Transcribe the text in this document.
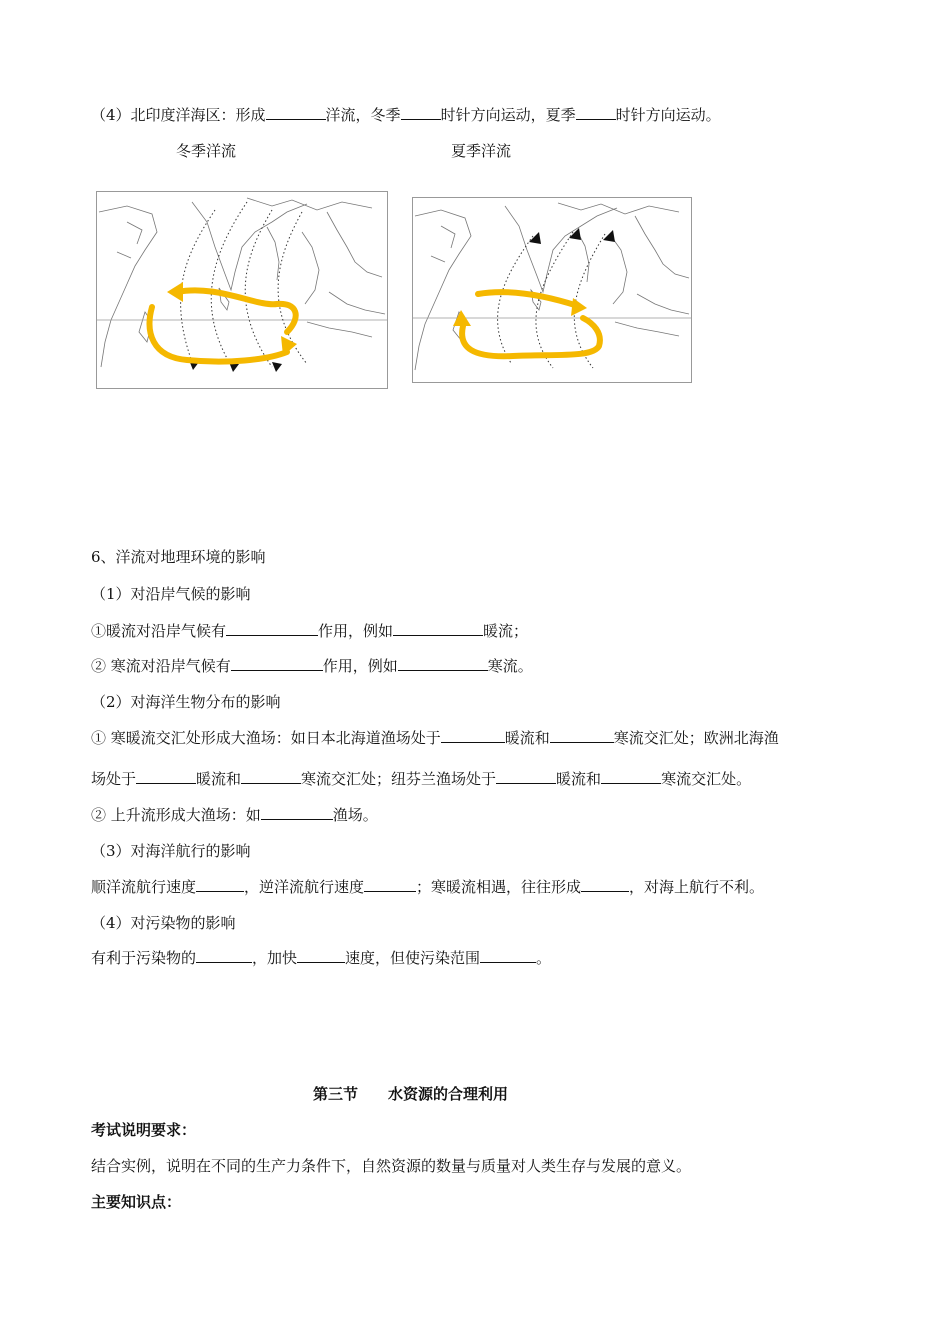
（4）北印度洋海区：形成	洋流，冬季	时针方向运动，夏季	时针方向运动。
冬季洋流	夏季洋流
6、洋流对地理环境的影响
（1）对沿岸气候的影响
①暖流对沿岸气候有	作用，例如	暖流；
② 寒流对沿岸气候有	作用，例如	寒流。
（2）对海洋生物分布的影响
① 寒暖流交汇处形成大渔场：如日本北海道渔场处于	暖流和	寒流交汇处；欧洲北海渔
场处于	暖流和	寒流交汇处；纽芬兰渔场处于	暖流和	寒流交汇处。
② 上升流形成大渔场：如	渔场。
（3）对海洋航行的影响
顺洋流航行速度	，逆洋流航行速度	；寒暖流相遇，往往形成	，对海上航行不利。
（4）对污染物的影响
有利于污染物的	，加快	速度，但使污染范围	。
第三节　　水资源的合理利用
考试说明要求：
结合实例，说明在不同的生产力条件下，自然资源的数量与质量对人类生存与发展的意义。
主要知识点：
